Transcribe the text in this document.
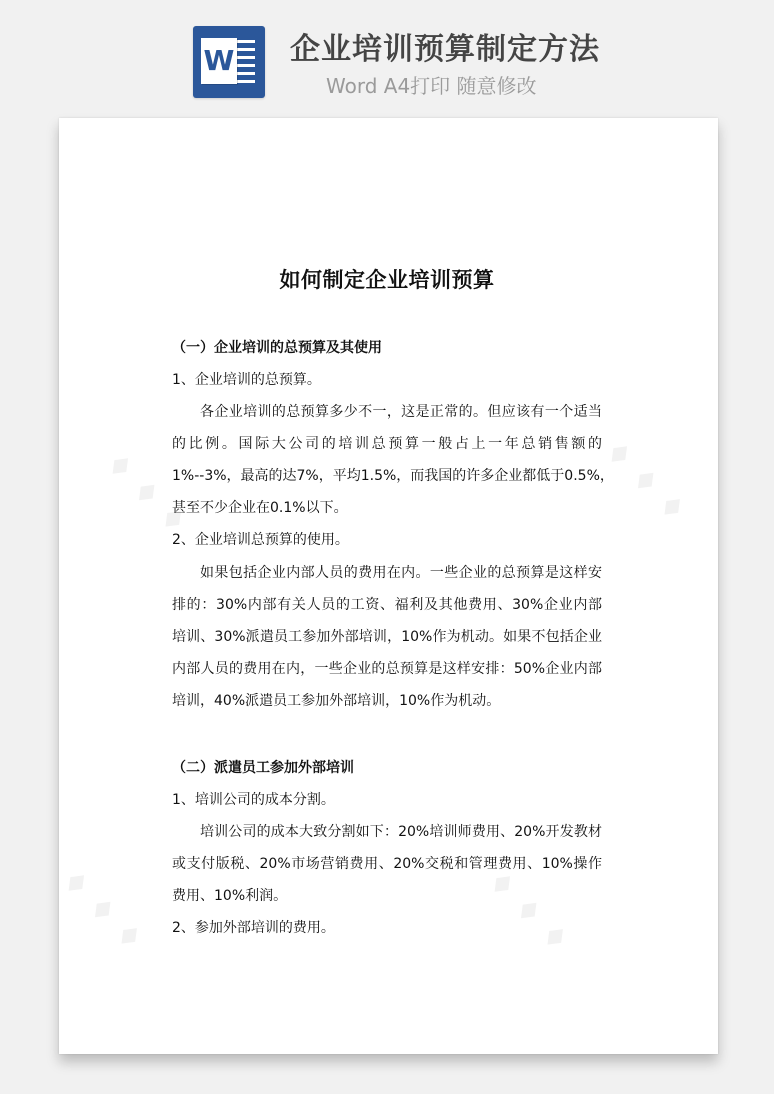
W 企业培训预算制定方法
Word A4打印 随意修改
♦ ♦ ♦	♦ ♦ ♦
♦ ♦ ♦	♦ ♦ ♦
如何制定企业培训预算
（一）企业培训的总预算及其使用
1、企业培训的总预算。
各企业培训的总预算多少不一，这是正常的。但应该有一个适当
的比例。国际大公司的培训总预算一般占上一年总销售额的
1%--3%，最高的达7%，平均1.5%，而我国的许多企业都低于0.5%，
甚至不少企业在0.1%以下。
2、企业培训总预算的使用。
如果包括企业内部人员的费用在内。一些企业的总预算是这样安
排的：30%内部有关人员的工资、福利及其他费用、30%企业内部
培训、30%派遣员工参加外部培训，10%作为机动。如果不包括企业
内部人员的费用在内，一些企业的总预算是这样安排：50%企业内部
培训，40%派遣员工参加外部培训，10%作为机动。
（二）派遣员工参加外部培训
1、培训公司的成本分割。
培训公司的成本大致分割如下：20%培训师费用、20%开发教材
或支付版税、20%市场营销费用、20%交税和管理费用、10%操作
费用、10%利润。
2、参加外部培训的费用。
